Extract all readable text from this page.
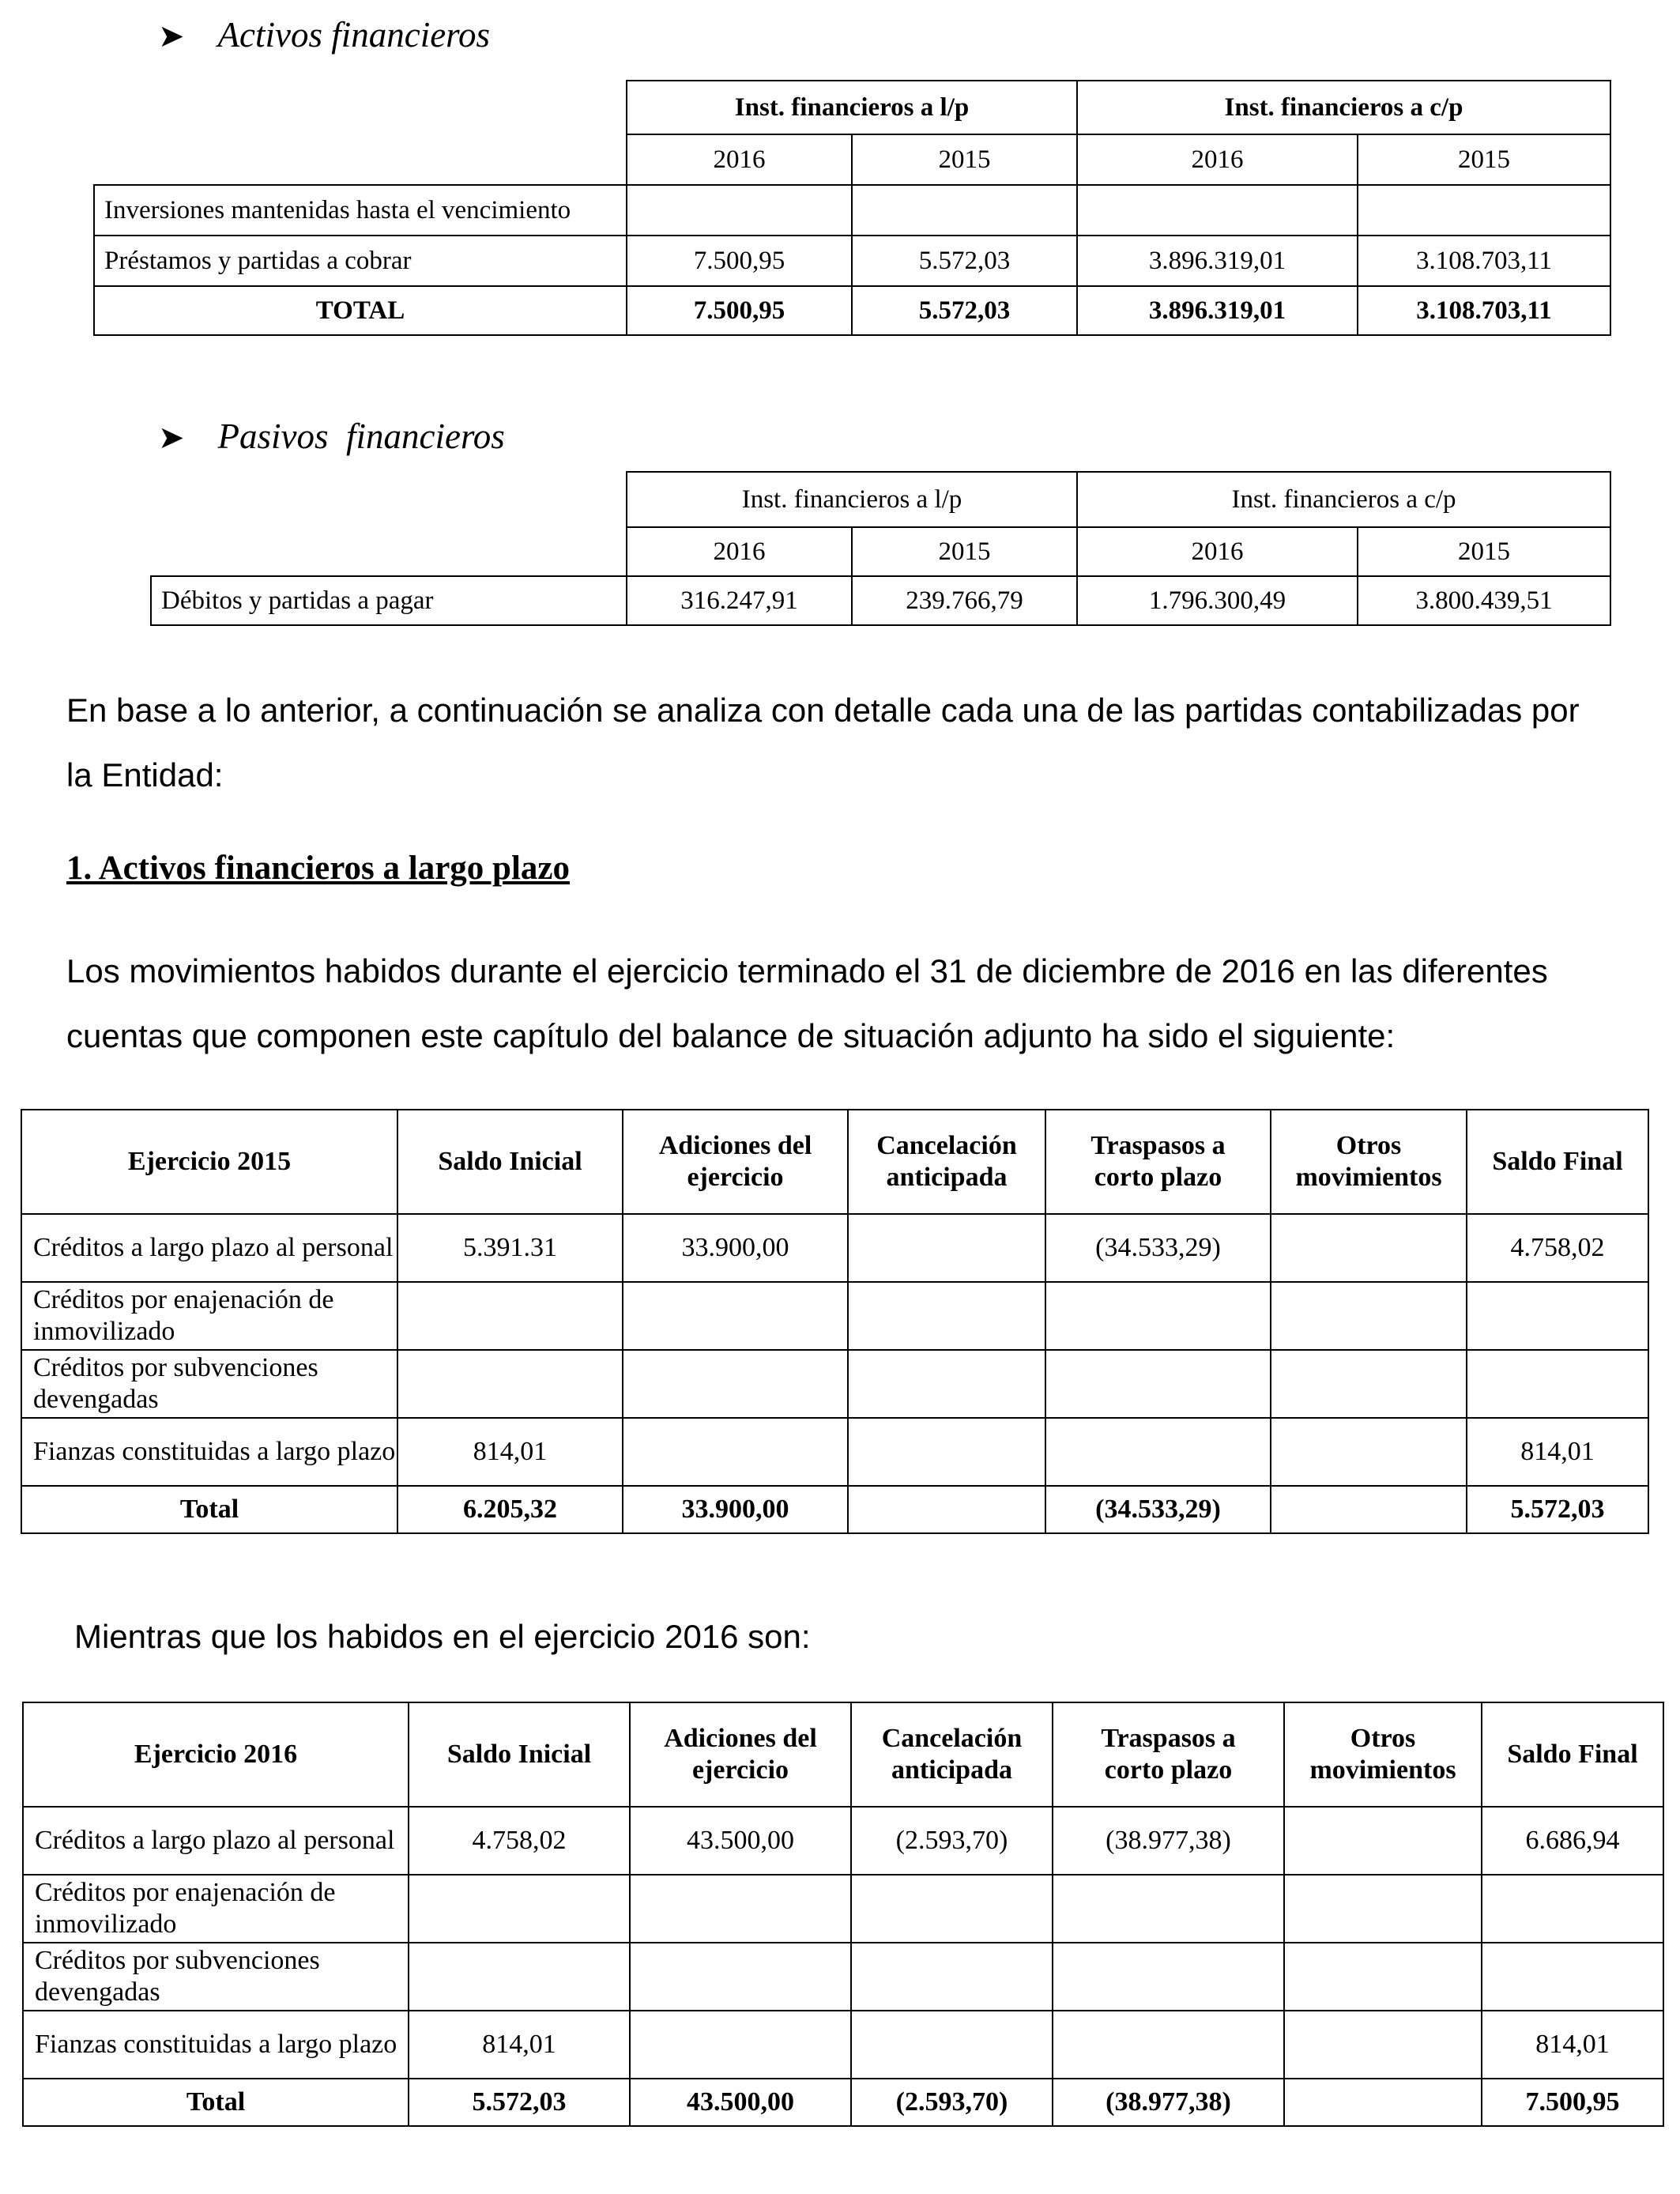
➤ Activos financieros
	Inst. financieros a l/p		Inst. financieros a c/p	
	2016	2015	2016	2015
Inversiones mantenidas hasta el vencimiento				
Préstamos y partidas a cobrar	7.500,95	5.572,03	3.896.319,01	3.108.703,11
TOTAL	7.500,95	5.572,03	3.896.319,01	3.108.703,11
➤ Pasivos  financieros
	Inst. financieros a l/p		Inst. financieros a c/p	
	2016	2015	2016	2015
Débitos y partidas a pagar	316.247,91	239.766,79	1.796.300,49	3.800.439,51
En base a lo anterior, a continuación se analiza con detalle cada una de las partidas contabilizadas por
la Entidad:
1. Activos financieros a largo plazo
Los movimientos habidos durante el ejercicio terminado el 31 de diciembre de 2016 en las diferentes
cuentas que componen este capítulo del balance de situación adjunto ha sido el siguiente:
Ejercicio 2015	Saldo Inicial	Adiciones del ejercicio	Cancelación anticipada	Traspasos a corto plazo	Otros movimientos	Saldo Final
Créditos a largo plazo al personal	5.391.31	33.900,00		(34.533,29)		4.758,02
Créditos por enajenación de inmovilizado						
Créditos por subvenciones devengadas						
Fianzas constituidas a largo plazo	814,01					814,01
Total	6.205,32	33.900,00		(34.533,29)		5.572,03
Mientras que los habidos en el ejercicio 2016 son:
Ejercicio 2016	Saldo Inicial	Adiciones del ejercicio	Cancelación anticipada	Traspasos a corto plazo	Otros movimientos	Saldo Final
Créditos a largo plazo al personal	4.758,02	43.500,00	(2.593,70)	(38.977,38)		6.686,94
Créditos por enajenación de inmovilizado						
Créditos por subvenciones devengadas						
Fianzas constituidas a largo plazo	814,01					814,01
Total	5.572,03	43.500,00	(2.593,70)	(38.977,38)		7.500,95
